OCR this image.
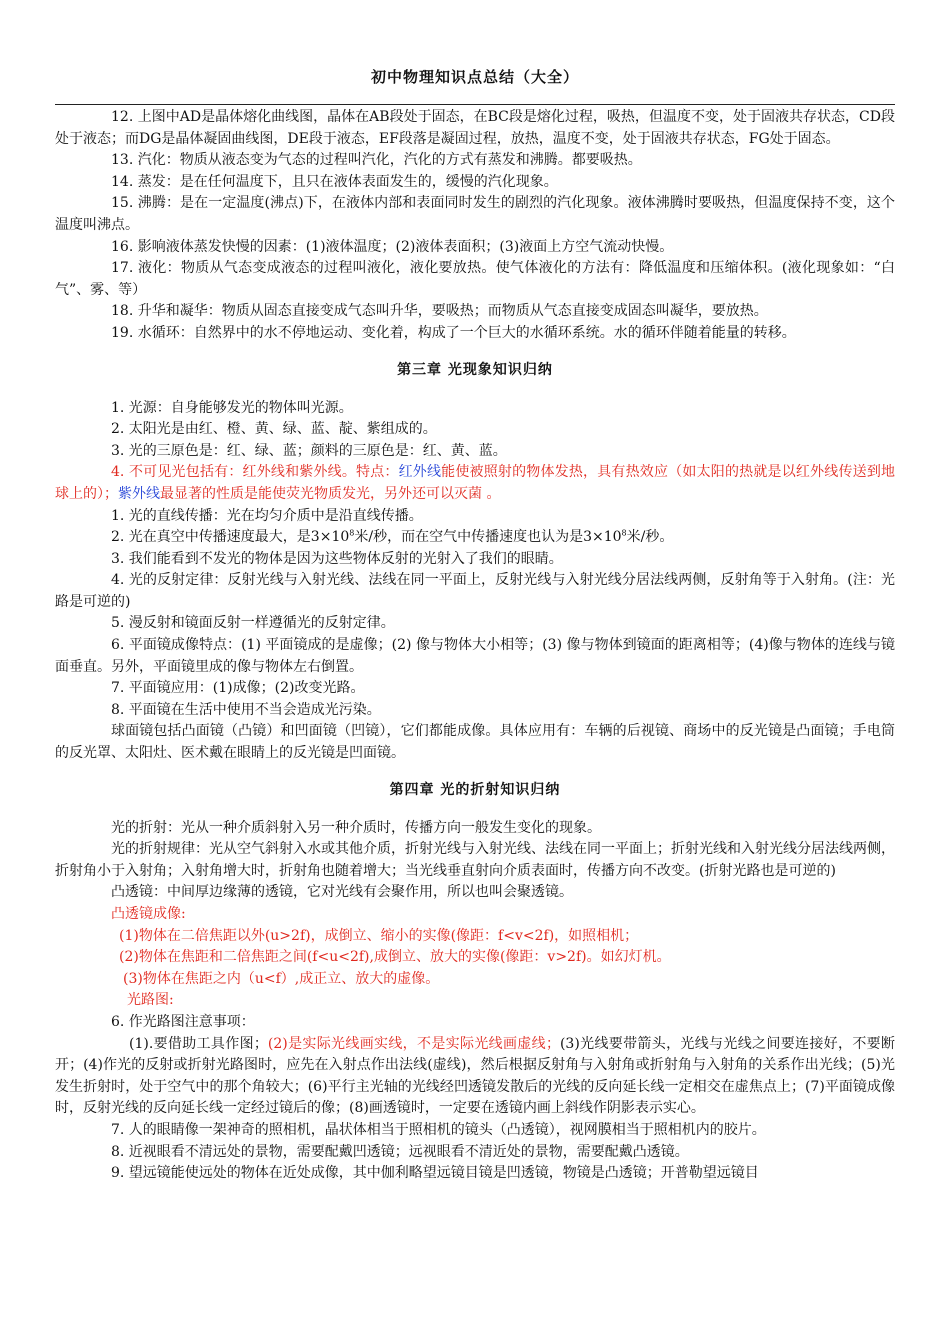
初中物理知识点总结（大全）

12. 上图中AD是晶体熔化曲线图，晶体在AB段处于固态，在BC段是熔化过程，吸热，但温度不变，处于固液共存状态，CD段处于液态；而DG是晶体凝固曲线图，DE段于液态，EF段落是凝固过程，放热，温度不变，处于固液共存状态，FG处于固态。

13. 汽化：物质从液态变为气态的过程叫汽化，汽化的方式有蒸发和沸腾。都要吸热。

14. 蒸发：是在任何温度下，且只在液体表面发生的，缓慢的汽化现象。

15. 沸腾：是在一定温度(沸点)下，在液体内部和表面同时发生的剧烈的汽化现象。液体沸腾时要吸热，但温度保持不变，这个温度叫沸点。

16. 影响液体蒸发快慢的因素：(1)液体温度；(2)液体表面积；(3)液面上方空气流动快慢。

17. 液化：物质从气态变成液态的过程叫液化，液化要放热。使气体液化的方法有：降低温度和压缩体积。(液化现象如：“白气”、雾、等）

18. 升华和凝华：物质从固态直接变成气态叫升华，要吸热；而物质从气态直接变成固态叫凝华，要放热。

19. 水循环：自然界中的水不停地运动、变化着，构成了一个巨大的水循环系统。水的循环伴随着能量的转移。

第三章 光现象知识归纳

1. 光源：自身能够发光的物体叫光源。

2. 太阳光是由红、橙、黄、绿、蓝、靛、紫组成的。

3. 光的三原色是：红、绿、蓝；颜料的三原色是：红、黄、蓝。

4. 不可见光包括有：红外线和紫外线。特点：红外线能使被照射的物体发热，具有热效应（如太阳的热就是以红外线传送到地球上的）；紫外线最显著的性质是能使荧光物质发光，另外还可以灭菌 。

1. 光的直线传播：光在均匀介质中是沿直线传播。

2. 光在真空中传播速度最大，是$3\times 10^8$米/秒，而在空气中传播速度也认为是$3\times 10^8$米/秒。

3. 我们能看到不发光的物体是因为这些物体反射的光射入了我们的眼睛。

4. 光的反射定律：反射光线与入射光线、法线在同一平面上，反射光线与入射光线分居法线两侧，反射角等于入射角。(注：光路是可逆的)

5. 漫反射和镜面反射一样遵循光的反射定律。

6. 平面镜成像特点：(1) 平面镜成的是虚像；(2) 像与物体大小相等；(3) 像与物体到镜面的距离相等；(4)像与物体的连线与镜面垂直。另外，平面镜里成的像与物体左右倒置。

7. 平面镜应用：(1)成像；(2)改变光路。

8. 平面镜在生活中使用不当会造成光污染。

球面镜包括凸面镜（凸镜）和凹面镜（凹镜），它们都能成像。具体应用有：车辆的后视镜、商场中的反光镜是凸面镜；手电筒的反光罩、太阳灶、医术戴在眼睛上的反光镜是凹面镜。

第四章 光的折射知识归纳

光的折射：光从一种介质斜射入另一种介质时，传播方向一般发生变化的现象。

光的折射规律：光从空气斜射入水或其他介质，折射光线与入射光线、法线在同一平面上；折射光线和入射光线分居法线两侧，折射角小于入射角；入射角增大时，折射角也随着增大；当光线垂直射向介质表面时，传播方向不改变。(折射光路也是可逆的)

凸透镜：中间厚边缘薄的透镜，它对光线有会聚作用，所以也叫会聚透镜。

凸透镜成像:

(1)物体在二倍焦距以外(u>2f)，成倒立、缩小的实像(像距：f<v<2f)，如照相机；

(2)物体在焦距和二倍焦距之间(f<u<2f),成倒立、放大的实像(像距：v>2f)。如幻灯机。

(3)物体在焦距之内（u<f）,成正立、放大的虚像。

光路图:

6. 作光路图注意事项：

(1).要借助工具作图；(2)是实际光线画实线，不是实际光线画虚线；(3)光线要带箭头，光线与光线之间要连接好，不要断开；(4)作光的反射或折射光路图时，应先在入射点作出法线(虚线)，然后根据反射角与入射角或折射角与入射角的关系作出光线；(5)光发生折射时，处于空气中的那个角较大；(6)平行主光轴的光线经凹透镜发散后的光线的反向延长线一定相交在虚焦点上；(7)平面镜成像时，反射光线的反向延长线一定经过镜后的像；(8)画透镜时，一定要在透镜内画上斜线作阴影表示实心。

7. 人的眼睛像一架神奇的照相机，晶状体相当于照相机的镜头（凸透镜），视网膜相当于照相机内的胶片。

8. 近视眼看不清远处的景物，需要配戴凹透镜；远视眼看不清近处的景物，需要配戴凸透镜。

9. 望远镜能使远处的物体在近处成像，其中伽利略望远镜目镜是凹透镜，物镜是凸透镜；开普勒望远镜目
